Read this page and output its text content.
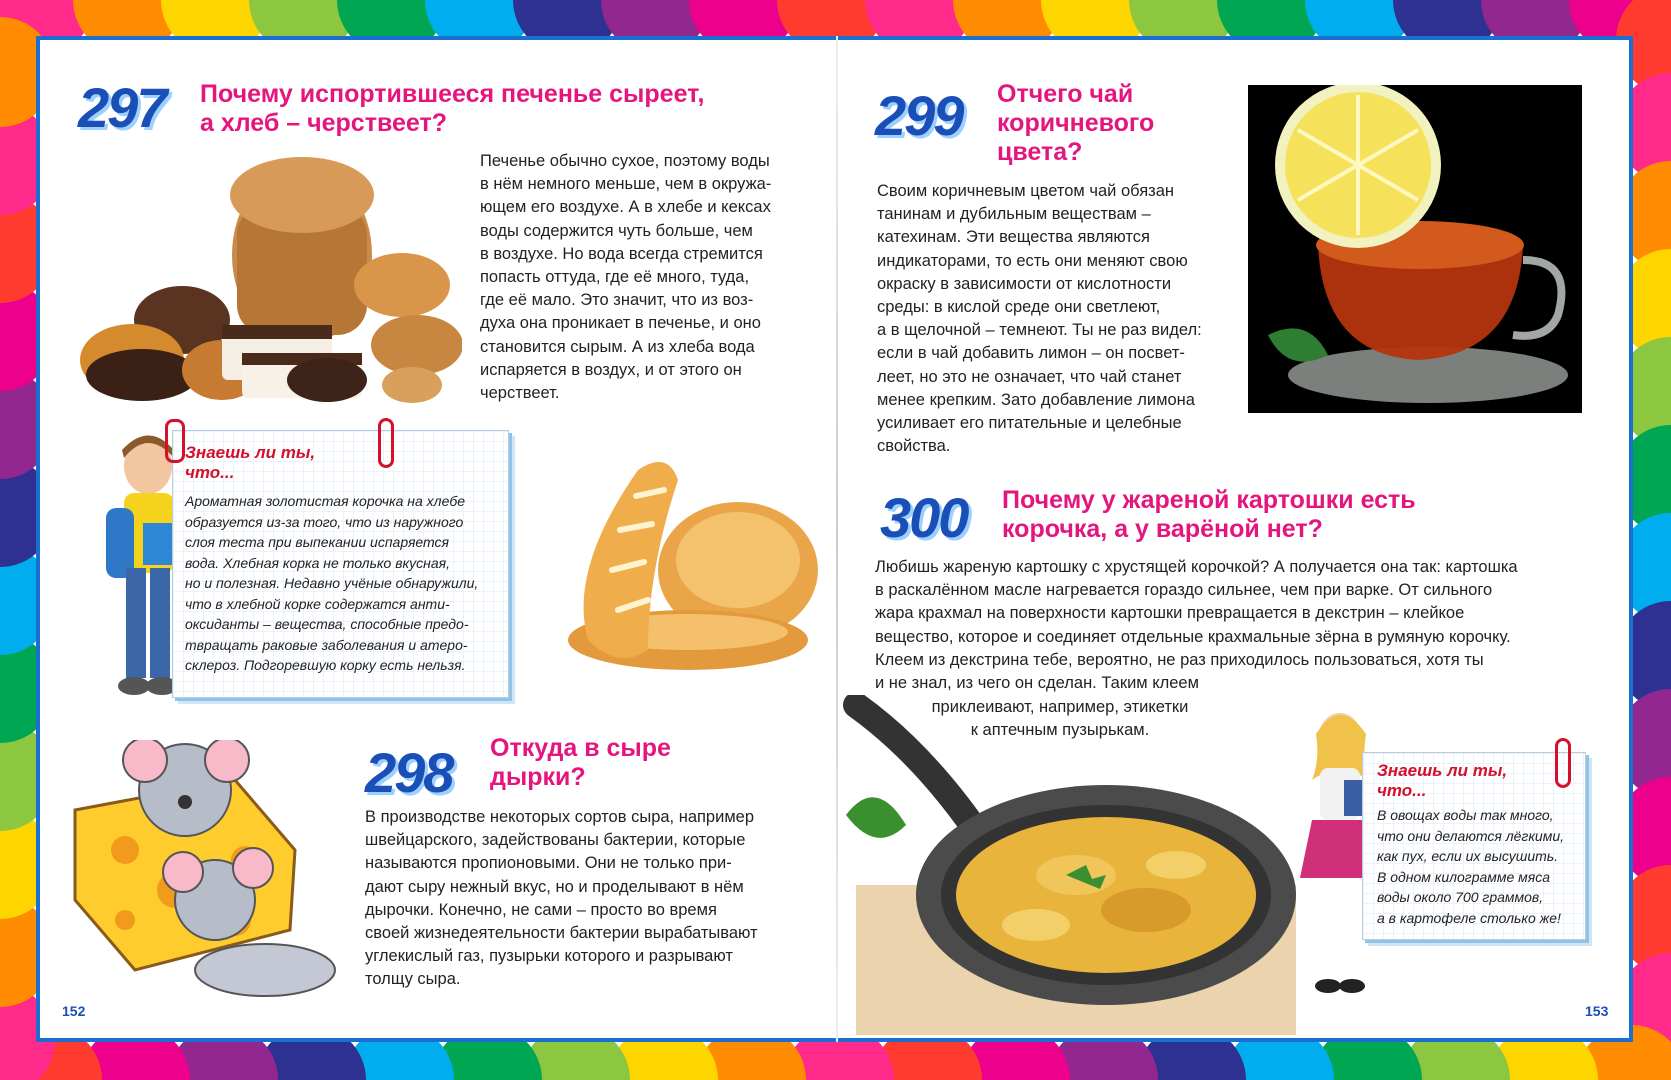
297 Почему испортившееся печенье сыреет,
а хлеб – черствеет?
Печенье обычно сухое, поэтому воды
в нём немного меньше, чем в окружа-
ющем его воздухе. А в хлебе и кексах
воды содержится чуть больше, чем
в воздухе. Но вода всегда стремится
попасть оттуда, где её много, туда,
где её мало. Это значит, что из воз-
духа она проникает в печенье, и оно
становится сырым. А из хлеба вода
испаряется в воздух, и от этого он
черствеет.
Знаешь ли ты,
что...
Ароматная золотистая корочка на хлебе
образуется из-за того, что из наружного
слоя теста при выпекании испаряется
вода. Хлебная корка не только вкусная,
но и полезная. Недавно учёные обнаружили,
что в хлебной корке содержатся анти-
оксиданты – вещества, способные предо-
твращать раковые заболевания и атеро-
склероз. Подгоревшую корку есть нельзя.
298 Откуда в сыре
дырки?
В производстве некоторых сортов сыра, например
швейцарского, задействованы бактерии, которые
называются пропионовыми. Они не только при-
дают сыру нежный вкус, но и проделывают в нём
дырочки. Конечно, не сами – просто во время
своей жизнедеятельности бактерии вырабатывают
углекислый газ, пузырьки которого и разрывают
толщу сыра.
152
299 Отчего чай
коричневого
цвета?
Своим коричневым цветом чай обязан
танинам и дубильным веществам –
катехинам. Эти вещества являются
индикаторами, то есть они меняют свою
окраску в зависимости от кислотности
среды: в кислой среде они светлеют,
а в щелочной – темнеют. Ты не раз видел:
если в чай добавить лимон – он посвет-
леет, но это не означает, что чай станет
менее крепким. Зато добавление лимона
усиливает его питательные и целебные
свойства.
300 Почему у жареной картошки есть
корочка, а у варёной нет?
Любишь жареную картошку с хрустящей корочкой? А получается она так: картошка
в раскалённом масле нагревается гораздо сильнее, чем при варке. От сильного
жара крахмал на поверхности картошки превращается в декстрин – клейкое
вещество, которое и соединяет отдельные крахмальные зёрна в румяную корочку.
Клеем из декстрина тебе, вероятно, не раз приходилось пользоваться, хотя ты
и не знал, из чего он сделан. Таким клеем
приклеивают, например, этикетки
к аптечным пузырькам.
Знаешь ли ты,
что...
В овощах воды так много,
что они делаются лёгкими,
как пух, если их высушить.
В одном килограмме мяса
воды около 700 граммов,
а в картофеле столько же!
153
